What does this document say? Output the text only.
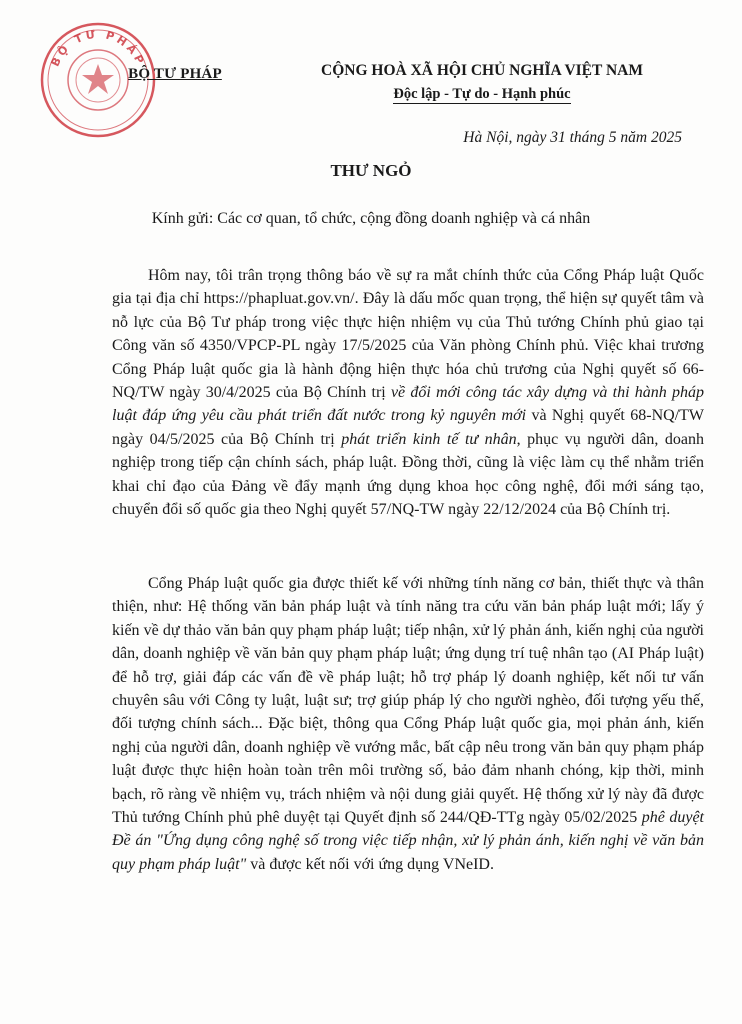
BỘ TƯ PHÁP
BỘ TƯ PHÁP	CỘNG HOÀ XÃ HỘI CHỦ NGHĨA VIỆT NAM
Độc lập - Tự do - Hạnh phúc
Hà Nội, ngày 31 tháng 5 năm 2025
THƯ NGỎ
Kính gửi: Các cơ quan, tổ chức, cộng đồng doanh nghiệp và cá nhân

Hôm nay, tôi trân trọng thông báo về sự ra mắt chính thức của Cổng Pháp luật Quốc gia tại địa chỉ https://phapluat.gov.vn/. Đây là dấu mốc quan trọng, thể hiện sự quyết tâm và nỗ lực của Bộ Tư pháp trong việc thực hiện nhiệm vụ của Thủ tướng Chính phủ giao tại Công văn số 4350/VPCP-PL ngày 17/5/2025 của Văn phòng Chính phủ. Việc khai trương Cổng Pháp luật quốc gia là hành động hiện thực hóa chủ trương của Nghị quyết số 66-NQ/TW ngày 30/4/2025 của Bộ Chính trị về đổi mới công tác xây dựng và thi hành pháp luật đáp ứng yêu cầu phát triển đất nước trong kỷ nguyên mới và Nghị quyết 68-NQ/TW ngày 04/5/2025 của Bộ Chính trị phát triển kinh tế tư nhân, phục vụ người dân, doanh nghiệp trong tiếp cận chính sách, pháp luật. Đồng thời, cũng là việc làm cụ thể nhằm triển khai chỉ đạo của Đảng về đẩy mạnh ứng dụng khoa học công nghệ, đổi mới sáng tạo, chuyển đổi số quốc gia theo Nghị quyết 57/NQ-TW ngày 22/12/2024 của Bộ Chính trị.

Cổng Pháp luật quốc gia được thiết kế với những tính năng cơ bản, thiết thực và thân thiện, như: Hệ thống văn bản pháp luật và tính năng tra cứu văn bản pháp luật mới; lấy ý kiến về dự thảo văn bản quy phạm pháp luật; tiếp nhận, xử lý phản ánh, kiến nghị của người dân, doanh nghiệp về văn bản quy phạm pháp luật; ứng dụng trí tuệ nhân tạo (AI Pháp luật) để hỗ trợ, giải đáp các vấn đề về pháp luật; hỗ trợ pháp lý doanh nghiệp, kết nối tư vấn chuyên sâu với Công ty luật, luật sư; trợ giúp pháp lý cho người nghèo, đối tượng yếu thế, đối tượng chính sách... Đặc biệt, thông qua Cổng Pháp luật quốc gia, mọi phản ánh, kiến nghị của người dân, doanh nghiệp về vướng mắc, bất cập nêu trong văn bản quy phạm pháp luật được thực hiện hoàn toàn trên môi trường số, bảo đảm nhanh chóng, kịp thời, minh bạch, rõ ràng về nhiệm vụ, trách nhiệm và nội dung giải quyết. Hệ thống xử lý này đã được Thủ tướng Chính phủ phê duyệt tại Quyết định số 244/QĐ-TTg ngày 05/02/2025 phê duyệt Đề án "Ứng dụng công nghệ số trong việc tiếp nhận, xử lý phản ánh, kiến nghị về văn bản quy phạm pháp luật" và được kết nối với ứng dụng VNeID.
